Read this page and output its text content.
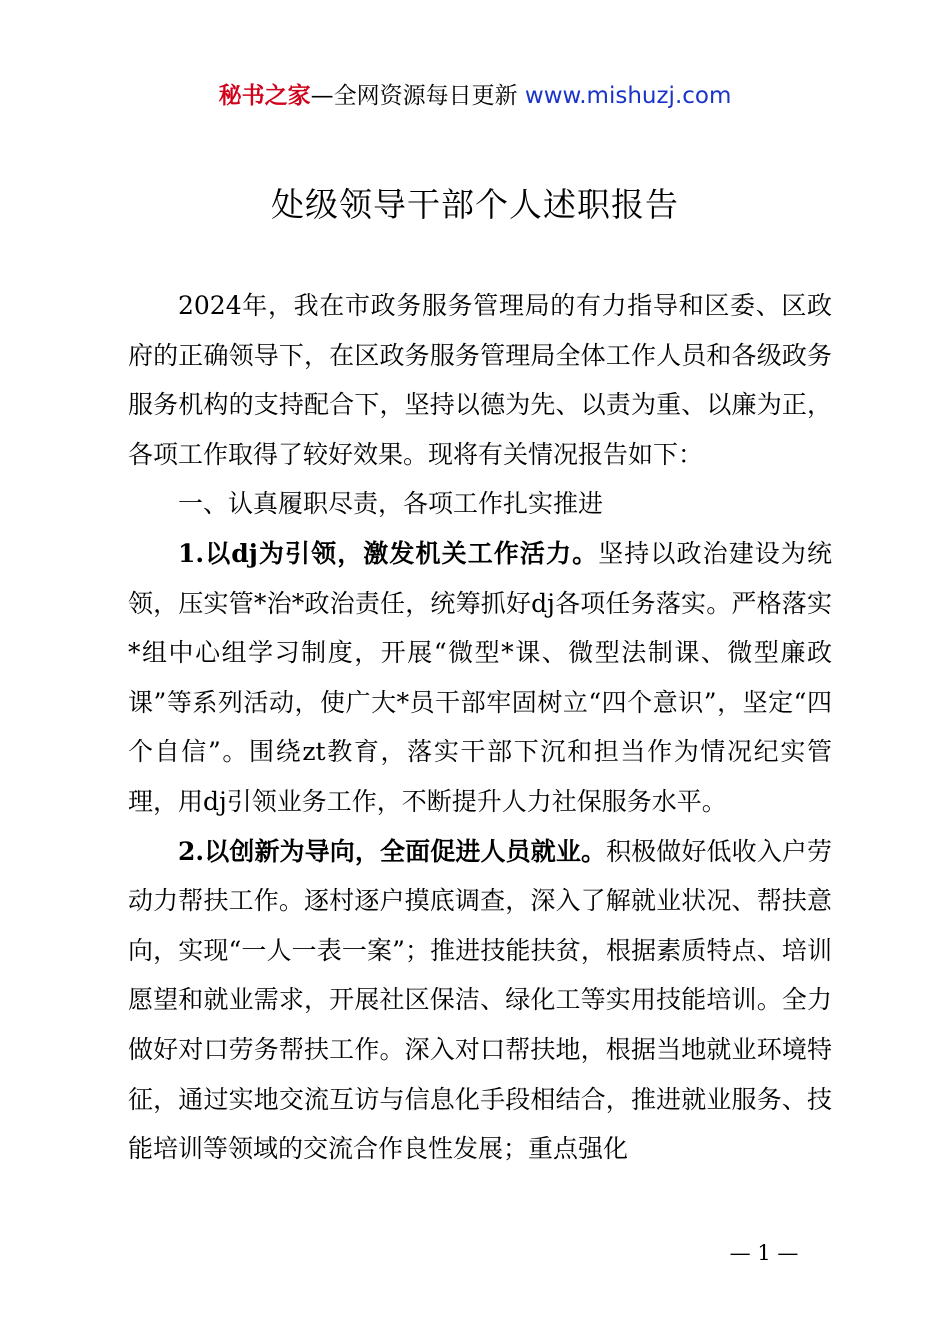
秘书之家—全网资源每日更新 www.mishuzj.com
处级领导干部个人述职报告

2024年，我在市政务服务管理局的有力指导和区委、区政府的正确领导下，在区政务服务管理局全体工作人员和各级政务服务机构的支持配合下，坚持以德为先、以责为重、以廉为正，各项工作取得了较好效果。现将有关情况报告如下：

一、认真履职尽责，各项工作扎实推进

1.以dj为引领，激发机关工作活力。坚持以政治建设为统领，压实管*治*政治责任，统筹抓好dj各项任务落实。严格落实*组中心组学习制度，开展“微型*课、微型法制课、微型廉政课”等系列活动，使广大*员干部牢固树立“四个意识”，坚定“四个自信”。围绕zt教育，落实干部下沉和担当作为情况纪实管理，用dj引领业务工作，不断提升人力社保服务水平。

2.以创新为导向，全面促进人员就业。积极做好低收入户劳动力帮扶工作。逐村逐户摸底调查，深入了解就业状况、帮扶意向，实现“一人一表一案”；推进技能扶贫，根据素质特点、培训愿望和就业需求，开展社区保洁、绿化工等实用技能培训。全力做好对口劳务帮扶工作。深入对口帮扶地，根据当地就业环境特征，通过实地交流互访与信息化手段相结合，推进就业服务、技能培训等领域的交流合作良性发展；重点强化

— 1 —
